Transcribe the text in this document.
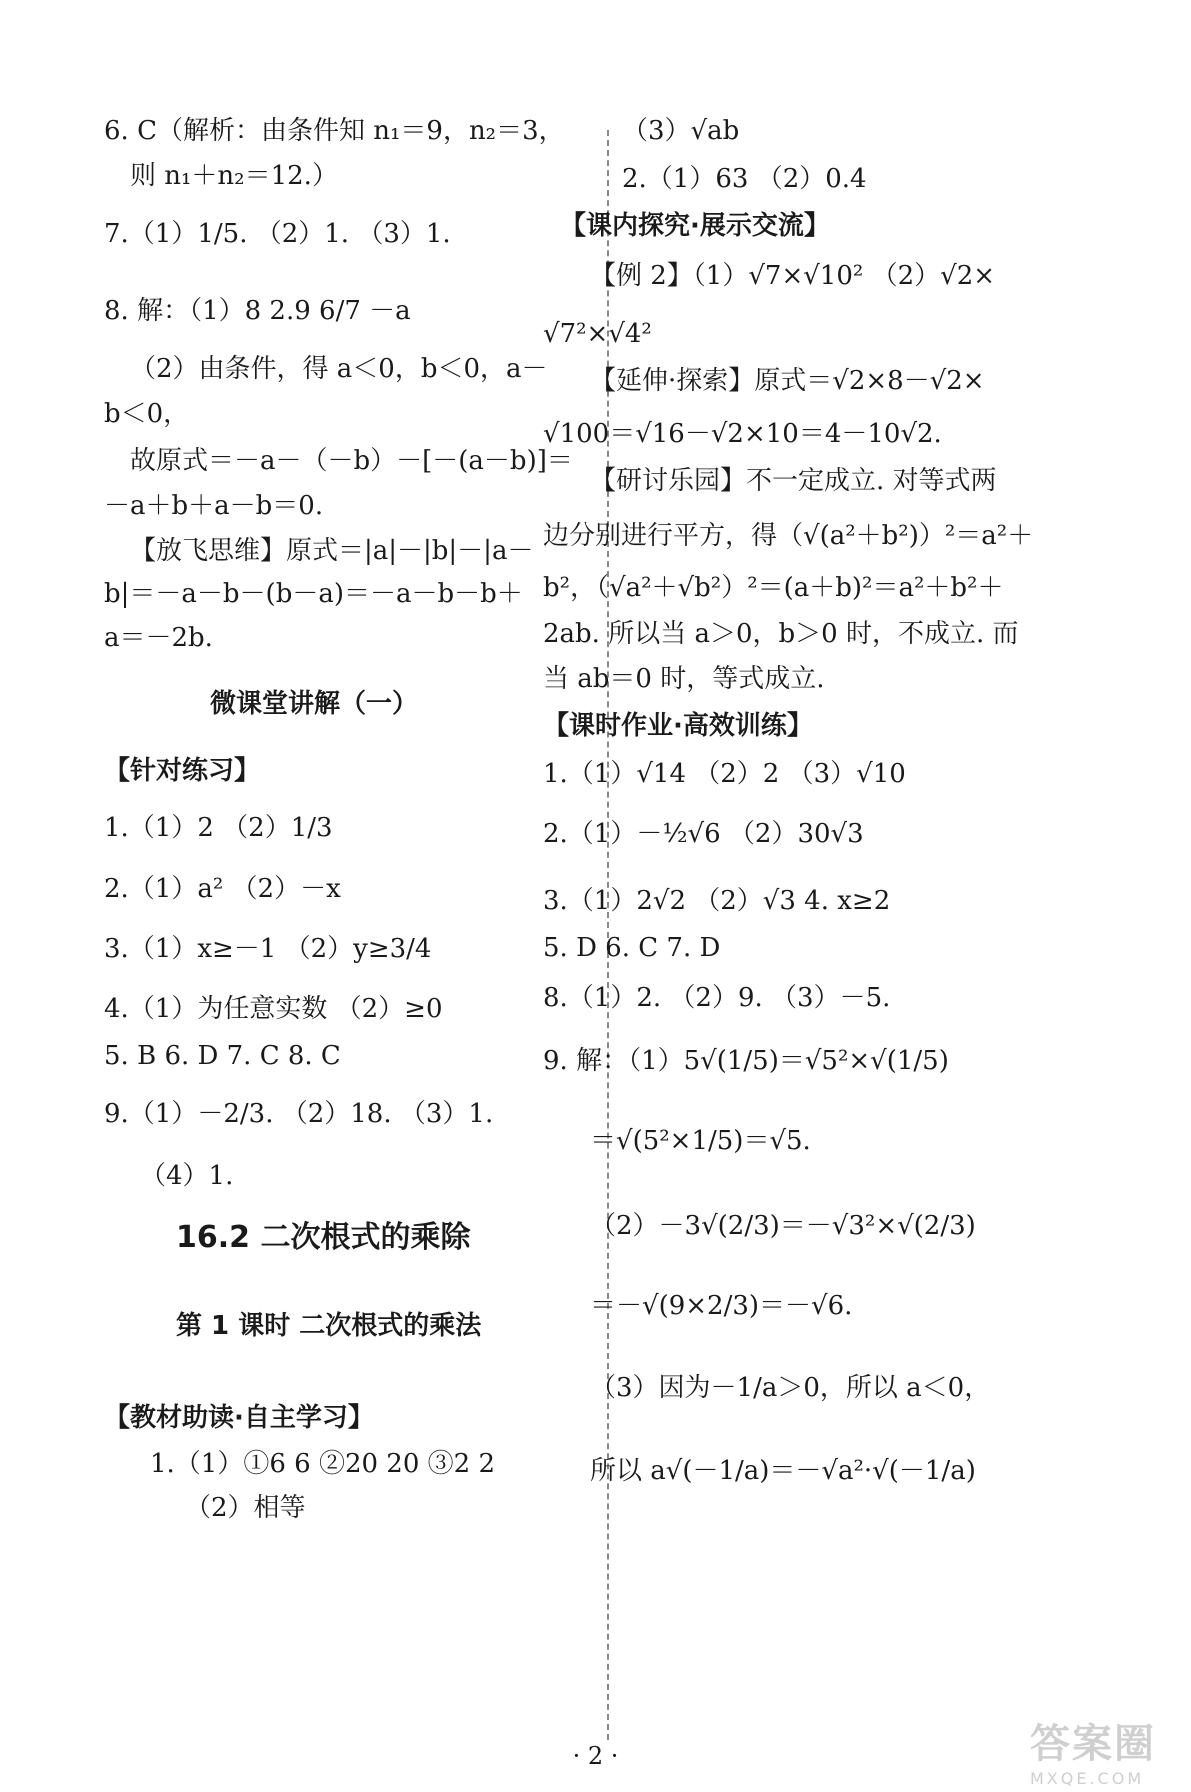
6. C（解析：由条件知 n₁＝9，n₂＝3，
则 n₁＋n₂＝12.）
7.（1）1/5. （2）1. （3）1.
8. 解：（1）8 2.9 6/7 －a
（2）由条件，得 a＜0，b＜0，a－
b＜0，
故原式＝－a－（－b）－[－(a－b)]＝
－a＋b＋a－b＝0.
【放飞思维】原式＝|a|－|b|－|a－
b|＝－a－b－(b－a)＝－a－b－b＋
a＝－2b.
微课堂讲解（一）
【针对练习】
1.（1）2 （2）1/3
2.（1）a² （2）－x
3.（1）x≥－1 （2）y≥3/4
4.（1）为任意实数 （2）≥0
5. B 6. D 7. C 8. C
9.（1）－2/3. （2）18. （3）1.
（4）1.
16.2 二次根式的乘除
第 1 课时 二次根式的乘法
【教材助读·自主学习】
1.（1）①6 6 ②20 20 ③2 2
（2）相等
（3）√ab
2.（1）63 （2）0.4
【课内探究·展示交流】
【例 2】（1）√7×√10² （2）√2×
√7²×√4²
【延伸·探索】原式＝√2×8－√2×
√100＝√16－√2×10＝4－10√2.
【研讨乐园】不一定成立. 对等式两
边分别进行平方，得（√(a²＋b²)）²＝a²＋
b²，（√a²＋√b²）²＝(a＋b)²＝a²＋b²＋
2ab. 所以当 a＞0，b＞0 时，不成立. 而
当 ab＝0 时，等式成立.
【课时作业·高效训练】
1.（1）√14 （2）2 （3）√10
2.（1）－½√6 （2）30√3
3.（1）2√2 （2）√3 4. x≥2
5. D 6. C 7. D
8.（1）2. （2）9. （3）－5.
9. 解：（1）5√(1/5)＝√5²×√(1/5)
＝√(5²×1/5)＝√5.
（2）－3√(2/3)＝－√3²×√(2/3)
＝－√(9×2/3)＝－√6.
（3）因为－1/a＞0，所以 a＜0，
所以 a√(－1/a)＝－√a²·√(－1/a)
· 2 ·	答案圈
MXQE.COM
